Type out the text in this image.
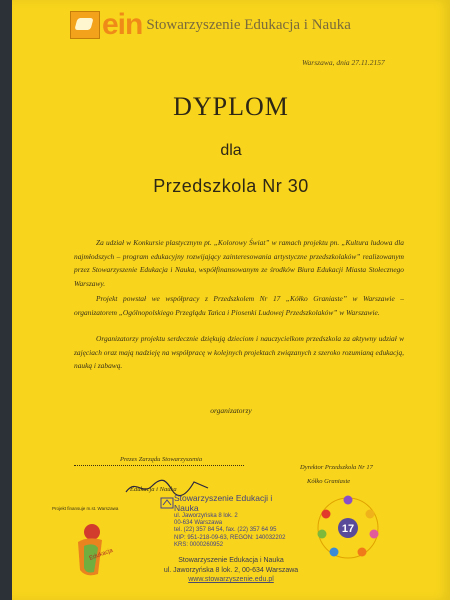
ein Stowarzyszenie Edukacja i Nauka
Warszawa, dnia 27.11.2157
DYPLOM
dla
Przedszkola Nr 30
Za udział w Konkursie plastycznym pt. „Kolorowy Świat” w ramach projektu pn. „Kultura ludowa dla najmłodszych – program edukacyjny rozwijający zainteresowania artystyczne przedszkolaków” realizowanym przez Stowarzyszenie Edukacja i Nauka, współfinansowanym ze środków Biura Edukacji Miasta Stołecznego Warszawy.
Projekt powstał we współpracy z Przedszkolem Nr 17 „Kółko Graniaste” w Warszawie – organizatorem „Ogólnopolskiego Przeglądu Tańca i Piosenki Ludowej Przedszkolaków” w Warszawie.
Organizatorzy projektu serdecznie dziękują dzieciom i nauczycielkom przedszkola za aktywny udział w zajęciach oraz mają nadzieję na współpracę w kolejnych projektach związanych z szeroko rozumianą edukacją, nauką i zabawą.
organizatorzy
Prezes Zarządu Stowarzyszenia
Edukacja i Nauka
Dyrektor Przedszkola Nr 17
Kółko Graniaste
Stowarzyszenie Edukacji i Nauka
ul. Jaworzyńska 8 lok. 2
00-634 Warszawa
tel. (22) 357 84 54, fax. (22) 357 64 95
NIP: 951-218-09-63, REGON: 140032202
KRS: 0000260952
Projekt finansuje m.st. Warszawa
Edukacja
17
Stowarzyszenie Edukacja i Nauka
ul. Jaworzyńska 8 lok. 2, 00-634 Warszawa
www.stowarzyszenie.edu.pl
